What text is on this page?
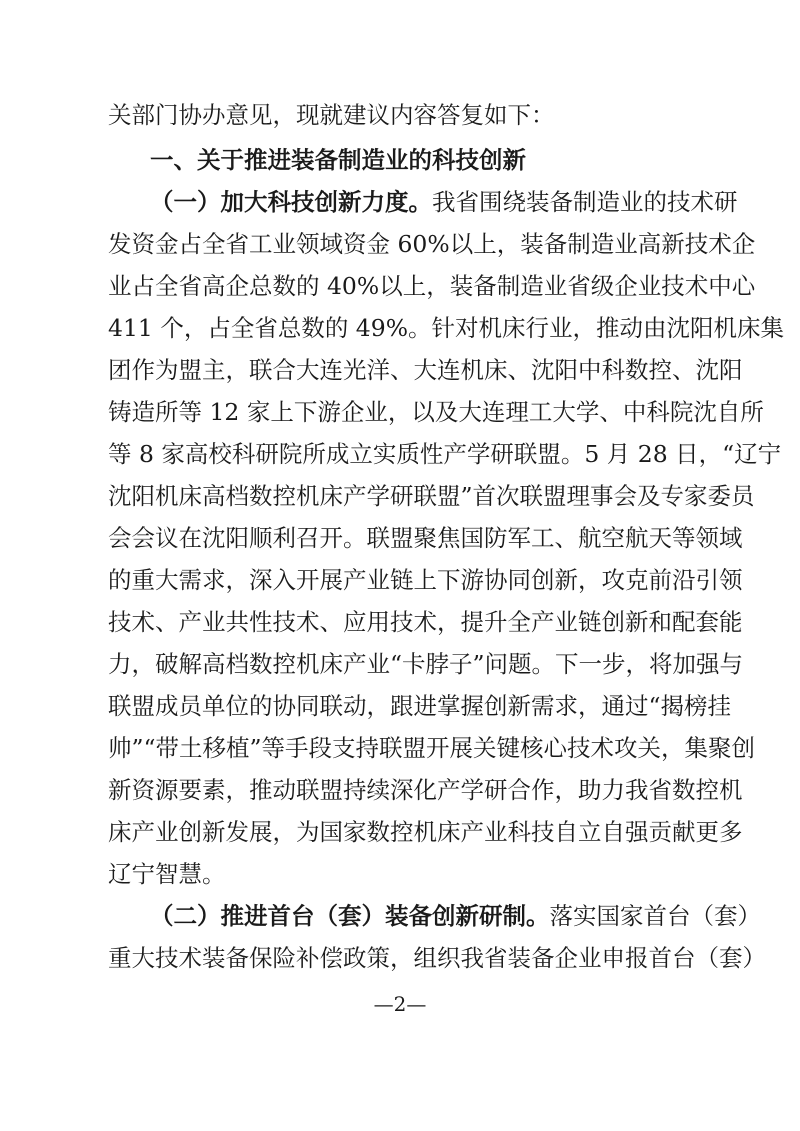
关部门协办意见，现就建议内容答复如下：
一、关于推进装备制造业的科技创新
（一）加大科技创新力度。我省围绕装备制造业的技术研
发资金占全省工业领域资金 60%以上，装备制造业高新技术企
业占全省高企总数的 40%以上，装备制造业省级企业技术中心
411 个，占全省总数的 49%。针对机床行业，推动由沈阳机床集
团作为盟主，联合大连光洋、大连机床、沈阳中科数控、沈阳
铸造所等 12 家上下游企业，以及大连理工大学、中科院沈自所
等 8 家高校科研院所成立实质性产学研联盟。5 月 28 日，“辽宁
沈阳机床高档数控机床产学研联盟”首次联盟理事会及专家委员
会会议在沈阳顺利召开。联盟聚焦国防军工、航空航天等领域
的重大需求，深入开展产业链上下游协同创新，攻克前沿引领
技术、产业共性技术、应用技术，提升全产业链创新和配套能
力，破解高档数控机床产业“卡脖子”问题。下一步，将加强与
联盟成员单位的协同联动，跟进掌握创新需求，通过“揭榜挂
帅”“带土移植”等手段支持联盟开展关键核心技术攻关，集聚创
新资源要素，推动联盟持续深化产学研合作，助力我省数控机
床产业创新发展，为国家数控机床产业科技自立自强贡献更多
辽宁智慧。
（二）推进首台（套）装备创新研制。落实国家首台（套）
重大技术装备保险补偿政策，组织我省装备企业申报首台（套）
—2—
